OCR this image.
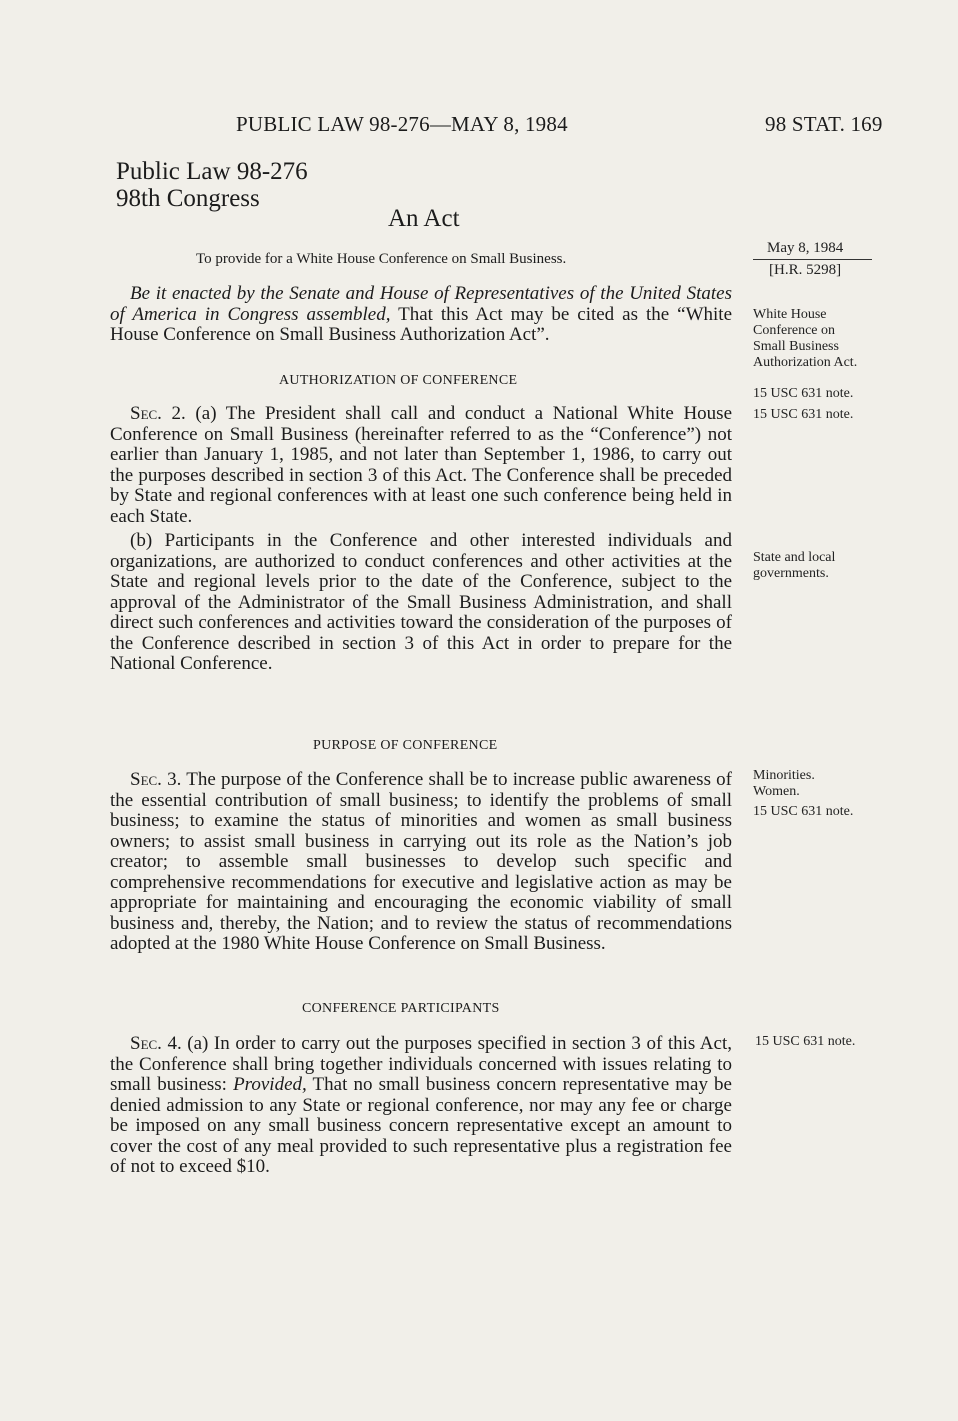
PUBLIC LAW 98-276—MAY 8, 1984	98 STAT. 169
Public Law 98-276
98th Congress
An Act
To provide for a White House Conference on Small Business.
May 8, 1984
[H.R. 5298]
White House Conference on Small Business Authorization Act.
15 USC 631 note.
15 USC 631 note.
State and local governments.
Minorities. Women.
15 USC 631 note.
15 USC 631 note.

Be it enacted by the Senate and House of Representatives of the United States of America in Congress assembled, That this Act may be cited as the “White House Conference on Small Business Authorization Act”.

AUTHORIZATION OF CONFERENCE

Sec. 2. (a) The President shall call and conduct a National White House Conference on Small Business (hereinafter referred to as the “Conference”) not earlier than January 1, 1985, and not later than September 1, 1986, to carry out the purposes described in section 3 of this Act. The Conference shall be preceded by State and regional conferences with at least one such conference being held in each State.

(b) Participants in the Conference and other interested individuals and organizations, are authorized to conduct conferences and other activities at the State and regional levels prior to the date of the Conference, subject to the approval of the Administrator of the Small Business Administration, and shall direct such conferences and activities toward the consideration of the purposes of the Conference described in section 3 of this Act in order to prepare for the National Conference.

PURPOSE OF CONFERENCE

Sec. 3. The purpose of the Conference shall be to increase public awareness of the essential contribution of small business; to identify the problems of small business; to examine the status of minorities and women as small business owners; to assist small business in carrying out its role as the Nation’s job creator; to assemble small businesses to develop such specific and comprehensive recommendations for executive and legislative action as may be appropriate for maintaining and encouraging the economic viability of small business and, thereby, the Nation; and to review the status of recommendations adopted at the 1980 White House Conference on Small Business.

CONFERENCE PARTICIPANTS

Sec. 4. (a) In order to carry out the purposes specified in section 3 of this Act, the Conference shall bring together individuals concerned with issues relating to small business: Provided, That no small business concern representative may be denied admission to any State or regional conference, nor may any fee or charge be imposed on any small business concern representative except an amount to cover the cost of any meal provided to such representative plus a registration fee of not to exceed $10.
